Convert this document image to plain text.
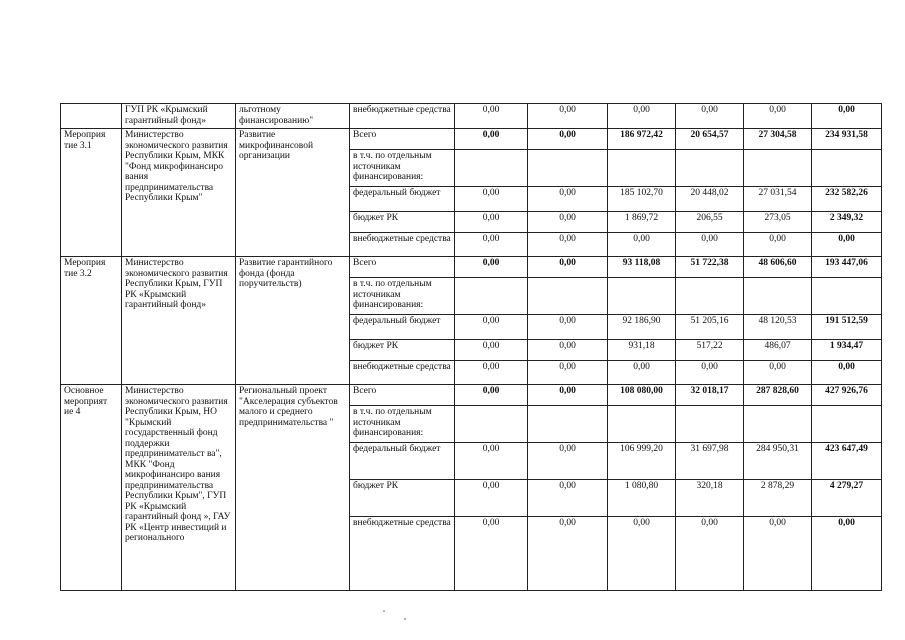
	ГУП РК «Крымский гарантийный фонд»	льготному финансированию"	внебюджетные средства	0,00	0,00	0,00	0,00	0,00	0,00
Мероприя тие 3.1	Министерство экономического развития Республики Крым, МКК "Фонд микрофинансиро вания предпринимательства Республики Крым"	Развитие микрофинансовой организации	Всего	0,00	0,00	186 972,42	20 654,57	27 304,58	234 931,58
			в т.ч. по отдельным источникам финансирования:						
			федеральный бюджет	0,00	0,00	185 102,70	20 448,02	27 031,54	232 582,26
			бюджет РК	0,00	0,00	1 869,72	206,55	273,05	2 349,32
			внебюджетные средства	0,00	0,00	0,00	0,00	0,00	0,00
Мероприя тие 3.2	Министерство экономического развития Республики Крым, ГУП РК «Крымский гарантийный фонд»	Развитие гарантийного фонда (фонда поручительств)	Всего	0,00	0,00	93 118,08	51 722,38	48 606,60	193 447,06
			в т.ч. по отдельным источникам финансирования:						
			федеральный бюджет	0,00	0,00	92 186,90	51 205,16	48 120,53	191 512,59
			бюджет РК	0,00	0,00	931,18	517,22	486,07	1 934,47
			внебюджетные средства	0,00	0,00	0,00	0,00	0,00	0,00
Основное мероприят ие 4	Министерство экономического развития Республики Крым, НО "Крымский государственный фонд поддержки предпринимательст ва", МКК "Фонд микрофинансиро вания предпринимательства Республики Крым", ГУП РК «Крымский гарантийный фонд », ГАУ РК «Центр инвестиций и регионального	Региональный проект "Акселерация субъектов малого и среднего предпринимательства "	Всего	0,00	0,00	108 080,00	32 018,17	287 828,60	427 926,76
			в т.ч. по отдельным источникам финансирования:						
			федеральный бюджет	0,00	0,00	106 999,20	31 697,98	284 950,31	423 647,49
			бюджет РК	0,00	0,00	1 080,80	320,18	2 878,29	4 279,27
			внебюджетные средства	0,00	0,00	0,00	0,00	0,00	0,00
